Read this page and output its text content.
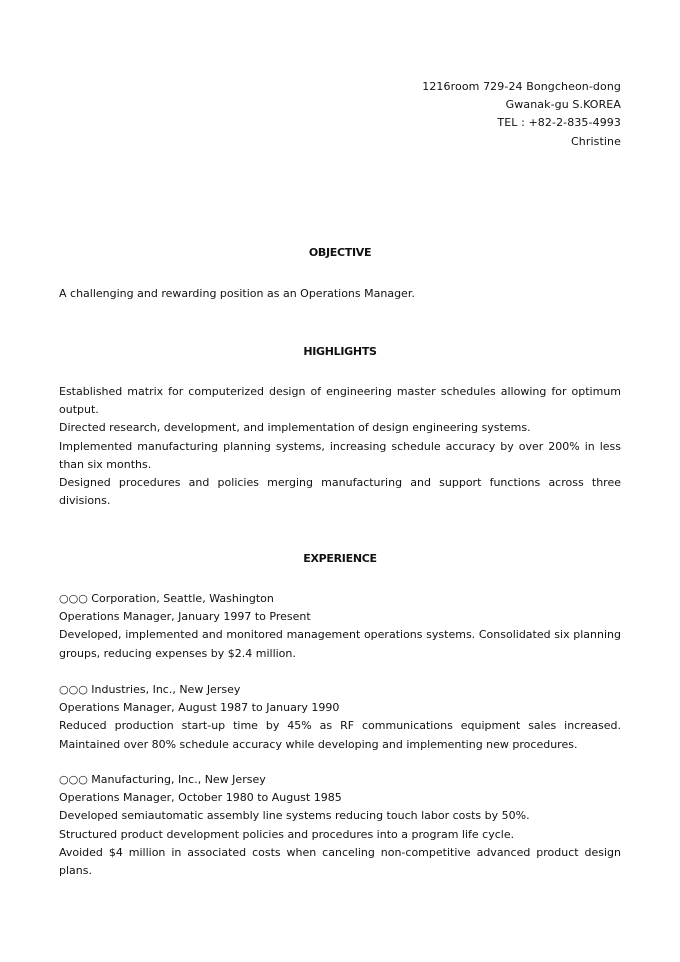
1216room 729-24 Bongcheon-dong
Gwanak-gu S.KOREA
TEL : +82-2-835-4993
Christine
OBJECTIVE

A challenging and rewarding position as an Operations Manager.

HIGHLIGHTS

Established matrix for computerized design of engineering master schedules allowing for optimum output.

Directed research, development, and implementation of design engineering systems.

Implemented manufacturing planning systems, increasing schedule accuracy by over 200% in less than six months.

Designed procedures and policies merging manufacturing and support functions across three divisions.

EXPERIENCE

○○○ Corporation, Seattle, Washington

Operations Manager, January 1997 to Present

Developed, implemented and monitored management operations systems. Consolidated six planning groups, reducing expenses by $2.4 million.

○○○ Industries, Inc., New Jersey

Operations Manager, August 1987 to January 1990

Reduced production start-up time by 45% as RF communications equipment sales increased. Maintained over 80% schedule accuracy while developing and implementing new procedures.

○○○ Manufacturing, Inc., New Jersey

Operations Manager, October 1980 to August 1985

Developed semiautomatic assembly line systems reducing touch labor costs by 50%.

Structured product development policies and procedures into a program life cycle.

Avoided $4 million in associated costs when canceling non-competitive advanced product design plans.
